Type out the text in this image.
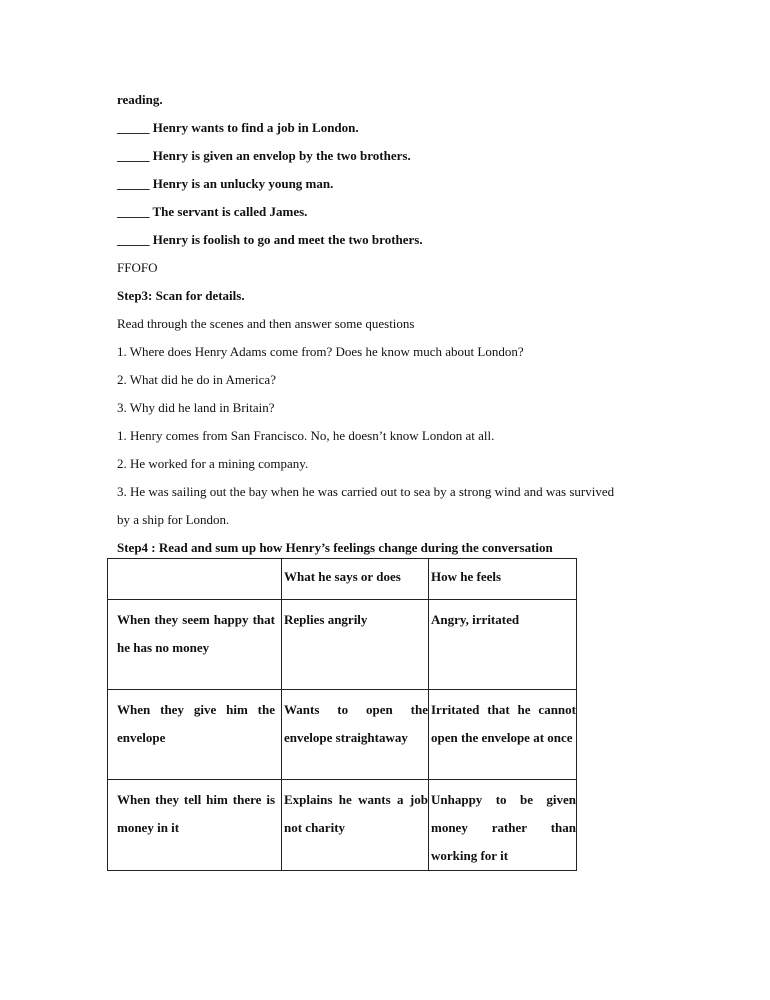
reading.
_____ Henry wants to find a job in London.
_____ Henry is given an envelop by the two brothers.
_____ Henry is an unlucky young man.
_____ The servant is called James.
_____ Henry is foolish to go and meet the two brothers.
FFOFO
Step3: Scan for details.
Read through the scenes and then answer some questions
1. Where does Henry Adams come from? Does he know much about London?
2. What did he do in America?
3. Why did he land in Britain?
1. Henry comes from San Francisco. No, he doesn’t know London at all.
2. He worked for a mining company.
3. He was sailing out the bay when he was carried out to sea by a strong wind and was survived
by a ship for London.
Step4 : Read and sum up how Henry’s feelings change during the conversation

	What he says or does	How he feels

When they seem happy that he has no money	Replies angrily	Angry, irritated

When they give him the envelope	Wants to open the envelope straightaway	Irritated that he cannot open the envelope at once

When they tell him there is money in it	Explains he wants a job not charity	Unhappy to be given money rather than working for it
